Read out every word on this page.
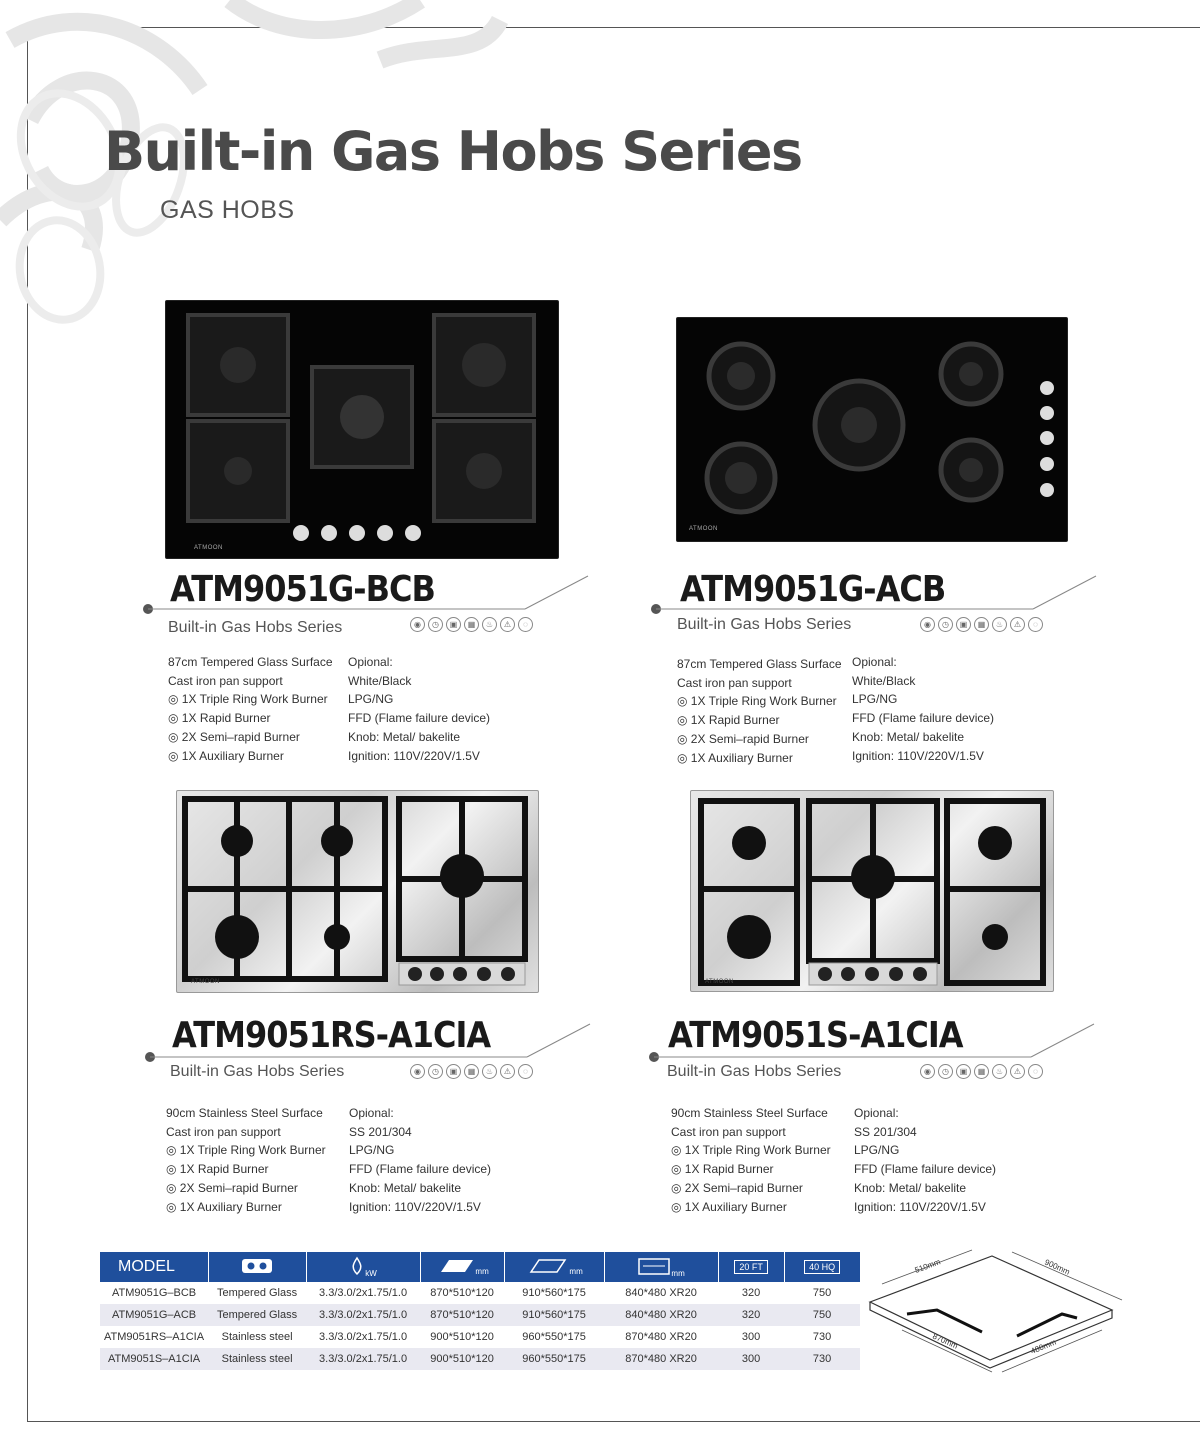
Built-in Gas Hobs Series
GAS HOBS
ATMOON
ATMOON
ATMOON	ATMOON
ATM9051G-BCB
Built-in Gas Hobs Series
ATM9051G-ACB
Built-in Gas Hobs Series
ATM9051RS-A1CIA
Built-in Gas Hobs Series
ATM9051S-A1CIA
Built-in Gas Hobs Series
◉	◷	▣	▦	♨	⚠	◌	◉	◷	▣	▦	♨	⚠	◌
◉	◷	▣	▦	♨	⚠	◌	◉	◷	▣	▦	♨	⚠	◌
87cm Tempered Glass Surface
Cast iron pan support
◎ 1X Triple Ring Work Burner
◎ 1X Rapid Burner
◎ 2X Semi–rapid Burner
◎ 1X Auxiliary Burner
Opional:
White/Black
LPG/NG
FFD (Flame failure device)
Knob: Metal/ bakelite
Ignition: 110V/220V/1.5V
87cm Tempered Glass Surface
Cast iron pan support
◎ 1X Triple Ring Work Burner
◎ 1X Rapid Burner
◎ 2X Semi–rapid Burner
◎ 1X Auxiliary Burner
Opional:
White/Black
LPG/NG
FFD (Flame failure device)
Knob: Metal/ bakelite
Ignition: 110V/220V/1.5V
90cm Stainless Steel Surface
Cast iron pan support
◎ 1X Triple Ring Work Burner
◎ 1X Rapid Burner
◎ 2X Semi–rapid Burner
◎ 1X Auxiliary Burner
Opional:
SS 201/304
LPG/NG
FFD (Flame failure device)
Knob: Metal/ bakelite
Ignition: 110V/220V/1.5V
90cm Stainless Steel Surface
Cast iron pan support
◎ 1X Triple Ring Work Burner
◎ 1X Rapid Burner
◎ 2X Semi–rapid Burner
◎ 1X Auxiliary Burner
Opional:
SS 201/304
LPG/NG
FFD (Flame failure device)
Knob: Metal/ bakelite
Ignition: 110V/220V/1.5V
MODEL		kW	mm	mm	mm	20 FT	40 HQ
ATM9051G–BCB	Tempered Glass	3.3/3.0/2x1.75/1.0	870*510*120	910*560*175	840*480 XR20	320	750
ATM9051G–ACB	Tempered Glass	3.3/3.0/2x1.75/1.0	870*510*120	910*560*175	840*480 XR20	320	750
ATM9051RS–A1CIA	Stainless steel	3.3/3.0/2x1.75/1.0	900*510*120	960*550*175	870*480 XR20	300	730
ATM9051S–A1CIA	Stainless steel	3.3/3.0/2x1.75/1.0	900*510*120	960*550*175	870*480 XR20	300	730
510mm	900mm
870mm	480mm
